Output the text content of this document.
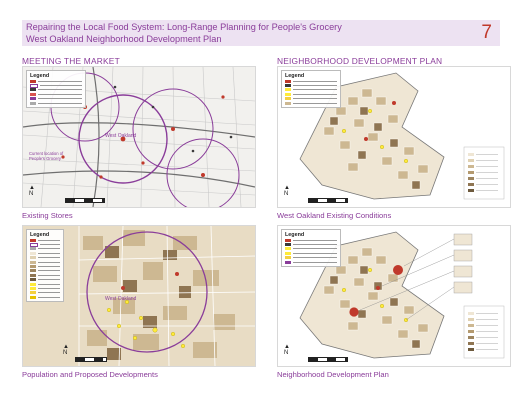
Repairing the Local Food System: Long-Range Planning for People's Grocery
West Oakland Neighborhood Development Plan	7
MEETING THE MARKET	NEIGHBORHOOD DEVELOPMENT PLAN
Legend
West Oakland
Current location of People's Grocery
▲
N
Existing Stores
Legend
▲
N
West Oakland Existing Conditions
Legend
West Oakland
▲
N
Population and Proposed Developments
Legend
▲
N
Neighborhood Development Plan
